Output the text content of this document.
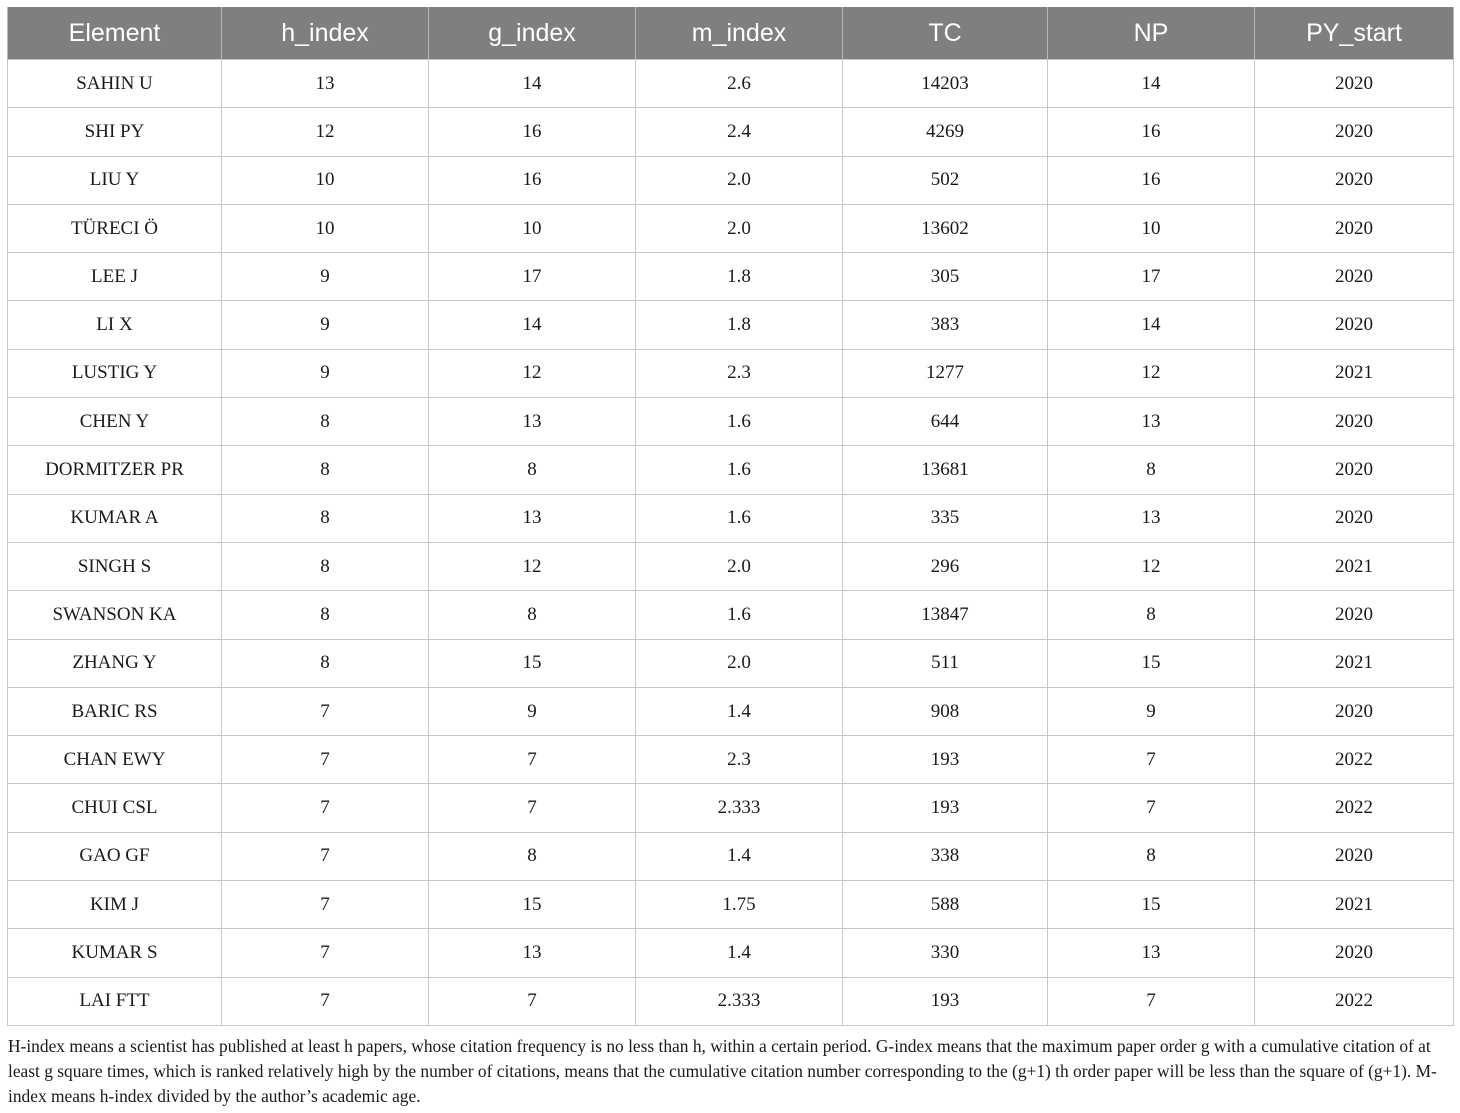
Element	h_index	g_index	m_index	TC	NP	PY_start
SAHIN U	13	14	2.6	14203	14	2020
SHI PY	12	16	2.4	4269	16	2020
LIU Y	10	16	2.0	502	16	2020
TÜRECI Ö	10	10	2.0	13602	10	2020
LEE J	9	17	1.8	305	17	2020
LI X	9	14	1.8	383	14	2020
LUSTIG Y	9	12	2.3	1277	12	2021
CHEN Y	8	13	1.6	644	13	2020
DORMITZER PR	8	8	1.6	13681	8	2020
KUMAR A	8	13	1.6	335	13	2020
SINGH S	8	12	2.0	296	12	2021
SWANSON KA	8	8	1.6	13847	8	2020
ZHANG Y	8	15	2.0	511	15	2021
BARIC RS	7	9	1.4	908	9	2020
CHAN EWY	7	7	2.3	193	7	2022
CHUI CSL	7	7	2.333	193	7	2022
GAO GF	7	8	1.4	338	8	2020
KIM J	7	15	1.75	588	15	2021
KUMAR S	7	13	1.4	330	13	2020
LAI FTT	7	7	2.333	193	7	2022
H-index means a scientist has published at least h papers, whose citation frequency is no less than h, within a certain period. G-index means that the maximum paper order g with a cumulative citation of at least g square times, which is ranked relatively high by the number of citations, means that the cumulative citation number corresponding to the (g+1) th order paper will be less than the square of (g+1). M-index means h-index divided by the author’s academic age.
